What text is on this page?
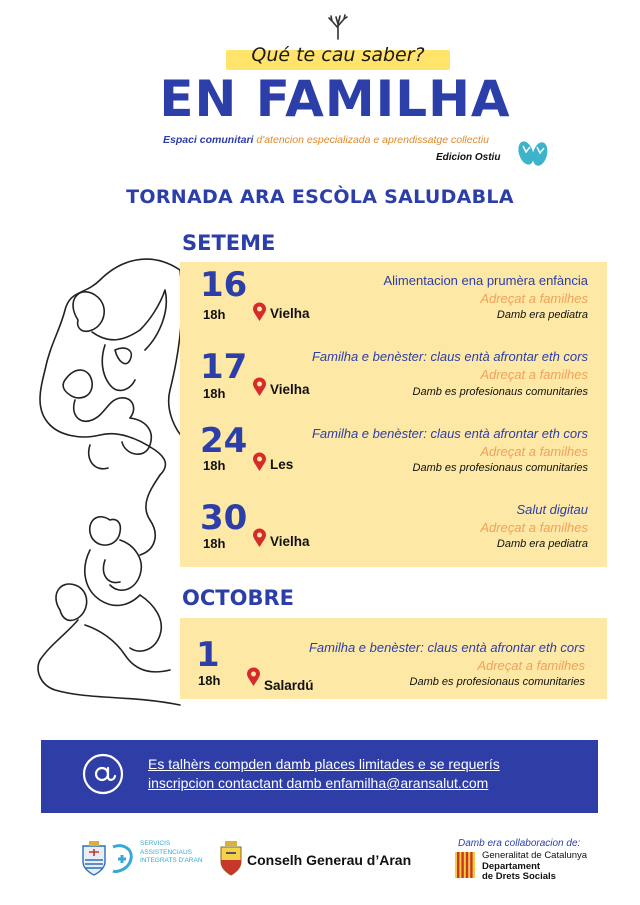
Qué te cau saber?
EN FAMILHA
Espaci comunitari d'atencion especializada e aprendissatge collectiu
Edicion Ostiu
TORNADA ARA ESCÒLA SALUDABLA
SETEME
16
18h	Vielha
Alimentacion ena prumèra enfància
Adreçat a familhes
Damb era pediatra
17
18h	Vielha
Familha e benèster: claus entà afrontar eth cors
Adreçat a familhes
Damb es profesionaus comunitaries
24
18h	Les
Familha e benèster: claus entà afrontar eth cors
Adreçat a familhes
Damb es profesionaus comunitaries
30
18h	Vielha
Salut digitau
Adreçat a familhes
Damb era pediatra
OCTOBRE
1
18h	Salardú
Familha e benèster: claus entà afrontar eth cors
Adreçat a familhes
Damb es profesionaus comunitaries
Es talhèrs compden damb places limitades e se requerís
inscripcion contactant damb enfamilha@aransalut.com
SERVICIS ASSISTENCIAUS INTEGRATS D'ARAN	Conselh Generau d’Aran
Damb era collaboracion de:
Generalitat de Catalunya
Departament
de Drets Socials
